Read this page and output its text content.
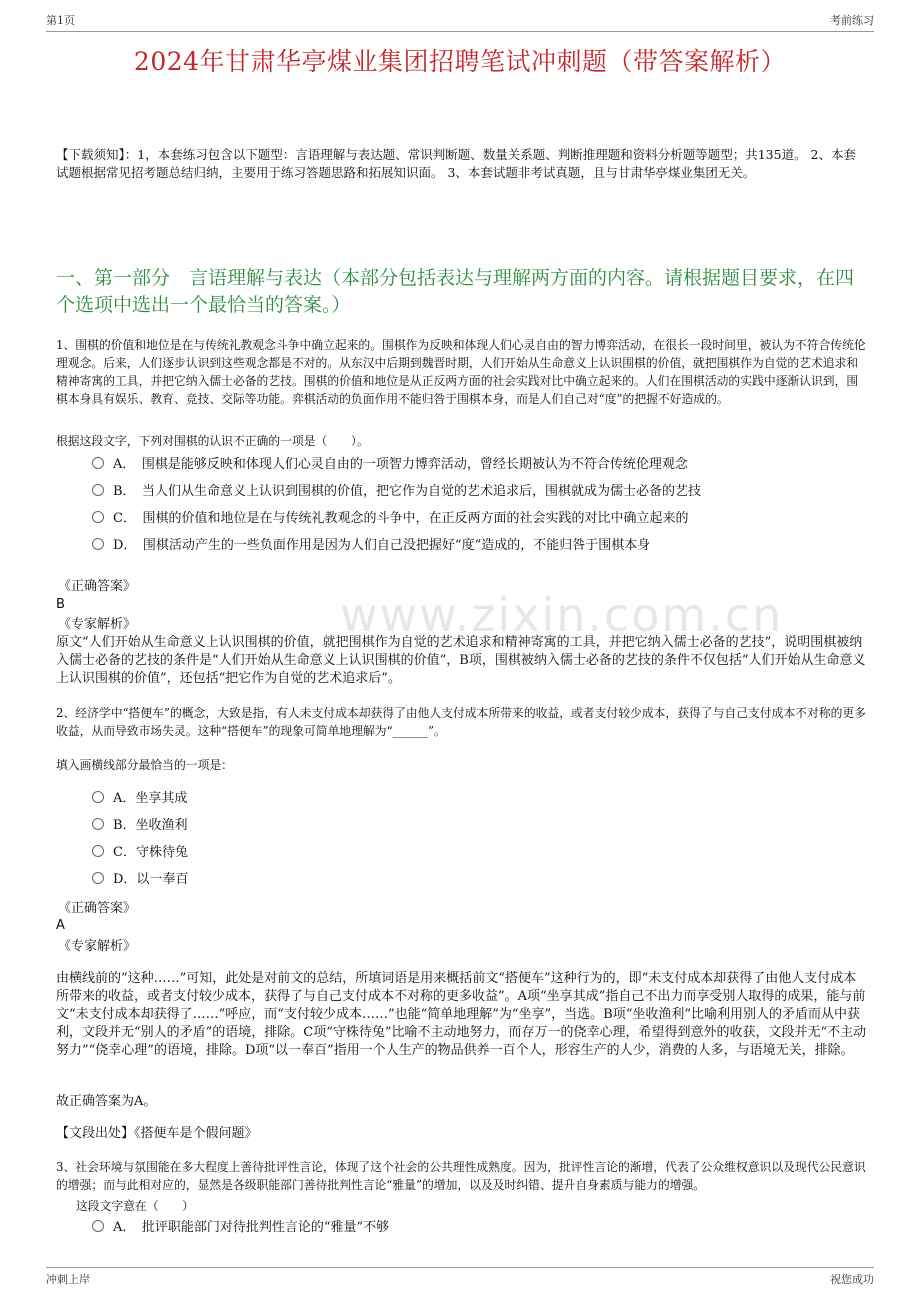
第1页	考前练习
2024年甘肃华亭煤业集团招聘笔试冲刺题（带答案解析）
【下载须知】：1，本套练习包含以下题型：言语理解与表达题、常识判断题、数量关系题、判断推理题和资料分析题等题型；共135道。 2、本套试题根据常见招考题总结归纳，主要用于练习答题思路和拓展知识面。 3、本套试题非考试真题，且与甘肃华亭煤业集团无关。
一、第一部分　言语理解与表达（本部分包括表达与理解两方面的内容。请根据题目要求，在四个选项中选出一个最恰当的答案。）
1、围棋的价值和地位是在与传统礼教观念斗争中确立起来的。围棋作为反映和体现人们心灵自由的智力博弈活动，在很长一段时间里，被认为不符合传统伦理观念。后来，人们逐步认识到这些观念都是不对的。从东汉中后期到魏晋时期，人们开始从生命意义上认识围棋的价值，就把围棋作为自觉的艺术追求和精神寄寓的工具，并把它纳入儒士必备的艺技。围棋的价值和地位是从正反两方面的社会实践对比中确立起来的。人们在围棋活动的实践中逐渐认识到，围棋本身具有娱乐、教育、竞技、交际等功能。弈棋活动的负面作用不能归咎于围棋本身，而是人们自己对“度”的把握不好造成的。
根据这段文字，下列对围棋的认识不正确的一项是（　　）。
A．　围棋是能够反映和体现人们心灵自由的一项智力博弈活动，曾经长期被认为不符合传统伦理观念
B．　当人们从生命意义上认识到围棋的价值，把它作为自觉的艺术追求后，围棋就成为儒士必备的艺技
C．　围棋的价值和地位是在与传统礼教观念的斗争中，在正反两方面的社会实践的对比中确立起来的
D．　围棋活动产生的一些负面作用是因为人们自己没把握好“度”造成的，不能归咎于围棋本身
《正确答案》
B
《专家解析》
原文“人们开始从生命意义上认识围棋的价值，就把围棋作为自觉的艺术追求和精神寄寓的工具，并把它纳入儒士必备的艺技”，说明围棋被纳入儒士必备的艺技的条件是“人们开始从生命意义上认识围棋的价值”，B项，围棋被纳入儒士必备的艺技的条件不仅包括“人们开始从生命意义上认识围棋的价值”，还包括“把它作为自觉的艺术追求后”。
www.zixin.com.cn
2、经济学中“搭便车”的概念，大致是指，有人未支付成本却获得了由他人支付成本所带来的收益，或者支付较少成本，获得了与自己支付成本不对称的更多收益，从而导致市场失灵。这种“搭便车”的现象可简单地理解为“______”。
填入画横线部分最恰当的一项是：
A．坐享其成
B．坐收渔利
C．守株待兔
D．以一奉百
《正确答案》
A
《专家解析》
由横线前的“这种……”可知，此处是对前文的总结，所填词语是用来概括前文“搭便车”这种行为的，即“未支付成本却获得了由他人支付成本所带来的收益，或者支付较少成本，获得了与自己支付成本不对称的更多收益”。A项“坐享其成”指自己不出力而享受别人取得的成果，能与前文“未支付成本却获得了……”呼应，而“支付较少成本……”也能“简单地理解”为“坐享”，当选。B项“坐收渔利”比喻利用别人的矛盾而从中获利，文段并无“别人的矛盾”的语境，排除。C项“守株待兔”比喻不主动地努力，而存万一的侥幸心理，希望得到意外的收获，文段并无“不主动努力”“侥幸心理”的语境，排除。D项“以一奉百”指用一个人生产的物品供养一百个人，形容生产的人少，消费的人多，与语境无关，排除。
故正确答案为A。
【文段出处】《搭便车是个假问题》
3、社会环境与氛围能在多大程度上善待批评性言论，体现了这个社会的公共理性成熟度。因为，批评性言论的渐增，代表了公众维权意识以及现代公民意识的增强；而与此相对应的，显然是各级职能部门善待批判性言论“雅量”的增加，以及及时纠错、提升自身素质与能力的增强。
这段文字意在（　　）
A．　批评职能部门对待批判性言论的“雅量”不够
冲刺上岸	祝您成功
